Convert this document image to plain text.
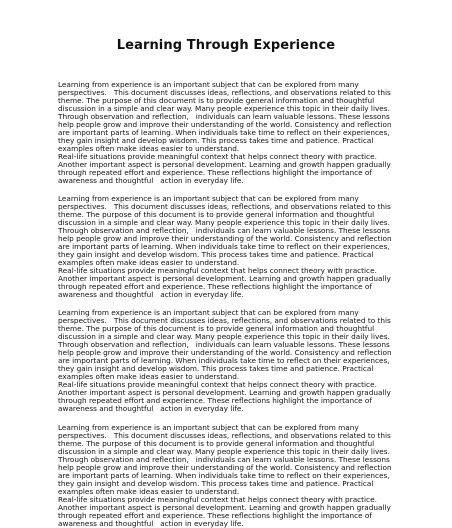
Learning Through Experience
Learning from experience is an important subject that can be explored from many
perspectives.   This document discusses ideas, reflections, and observations related to this
theme. The purpose of this document is to provide general information and thoughtful
discussion in a simple and clear way. Many people experience this topic in their daily lives.
Through observation and reflection,   individuals can learn valuable lessons. These lessons
help people grow and improve their understanding of the world. Consistency and reflection
are important parts of learning. When individuals take time to reflect on their experiences,
they gain insight and develop wisdom. This process takes time and patience. Practical
examples often make ideas easier to understand.
Real-life situations provide meaningful context that helps connect theory with practice.
Another important aspect is personal development. Learning and growth happen gradually
through repeated effort and experience. These reflections highlight the importance of
awareness and thoughtful   action in everyday life.
Learning from experience is an important subject that can be explored from many
perspectives.   This document discusses ideas, reflections, and observations related to this
theme. The purpose of this document is to provide general information and thoughtful
discussion in a simple and clear way. Many people experience this topic in their daily lives.
Through observation and reflection,   individuals can learn valuable lessons. These lessons
help people grow and improve their understanding of the world. Consistency and reflection
are important parts of learning. When individuals take time to reflect on their experiences,
they gain insight and develop wisdom. This process takes time and patience. Practical
examples often make ideas easier to understand.
Real-life situations provide meaningful context that helps connect theory with practice.
Another important aspect is personal development. Learning and growth happen gradually
through repeated effort and experience. These reflections highlight the importance of
awareness and thoughtful   action in everyday life.
Learning from experience is an important subject that can be explored from many
perspectives.   This document discusses ideas, reflections, and observations related to this
theme. The purpose of this document is to provide general information and thoughtful
discussion in a simple and clear way. Many people experience this topic in their daily lives.
Through observation and reflection,   individuals can learn valuable lessons. These lessons
help people grow and improve their understanding of the world. Consistency and reflection
are important parts of learning. When individuals take time to reflect on their experiences,
they gain insight and develop wisdom. This process takes time and patience. Practical
examples often make ideas easier to understand.
Real-life situations provide meaningful context that helps connect theory with practice.
Another important aspect is personal development. Learning and growth happen gradually
through repeated effort and experience. These reflections highlight the importance of
awareness and thoughtful   action in everyday life.
Learning from experience is an important subject that can be explored from many
perspectives.   This document discusses ideas, reflections, and observations related to this
theme. The purpose of this document is to provide general information and thoughtful
discussion in a simple and clear way. Many people experience this topic in their daily lives.
Through observation and reflection,   individuals can learn valuable lessons. These lessons
help people grow and improve their understanding of the world. Consistency and reflection
are important parts of learning. When individuals take time to reflect on their experiences,
they gain insight and develop wisdom. This process takes time and patience. Practical
examples often make ideas easier to understand.
Real-life situations provide meaningful context that helps connect theory with practice.
Another important aspect is personal development. Learning and growth happen gradually
through repeated effort and experience. These reflections highlight the importance of
awareness and thoughtful   action in everyday life.
